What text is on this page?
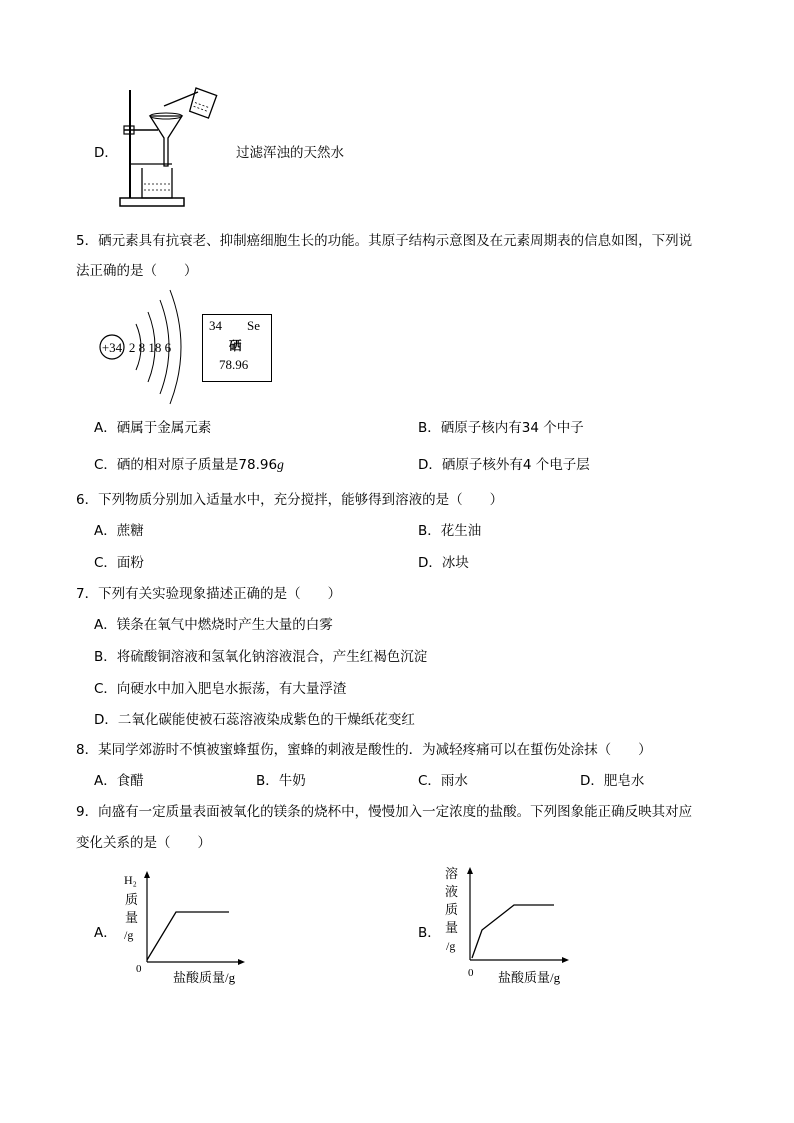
D．	过滤浑浊的天然水
5．硒元素具有抗衰老、抑制癌细胞生长的功能。其原子结构示意图及在元素周期表的信息如图，下列说
法正确的是（　　）
+34 2 8 18 6
34 Se
硒
78.96
A．硒属于金属元素	B．硒原子核内有34 个中子
C．硒的相对原子质量是78.96g	D．硒原子核外有4 个电子层
6．下列物质分别加入适量水中，充分搅拌，能够得到溶液的是（　　）
A．蔗糖	B．花生油
C．面粉	D．冰块
7．下列有关实验现象描述正确的是（　　）
A．镁条在氧气中燃烧时产生大量的白雾
B．将硫酸铜溶液和氢氧化钠溶液混合，产生红褐色沉淀
C．向硬水中加入肥皂水振荡，有大量浮渣
D．二氧化碳能使被石蕊溶液染成紫色的干燥纸花变红
8．某同学郊游时不慎被蜜蜂蜇伤，蜜蜂的刺液是酸性的．为减轻疼痛可以在蜇伤处涂抹（　　）
A．食醋	B．牛奶	C．雨水	D．肥皂水
9．向盛有一定质量表面被氧化的镁条的烧杯中，慢慢加入一定浓度的盐酸。下列图象能正确反映其对应
变化关系的是（　　）
A．
H₂
质
量
/g
0
盐酸质量/g
B．
溶
液
质
量
/g
0 盐酸质量/g
